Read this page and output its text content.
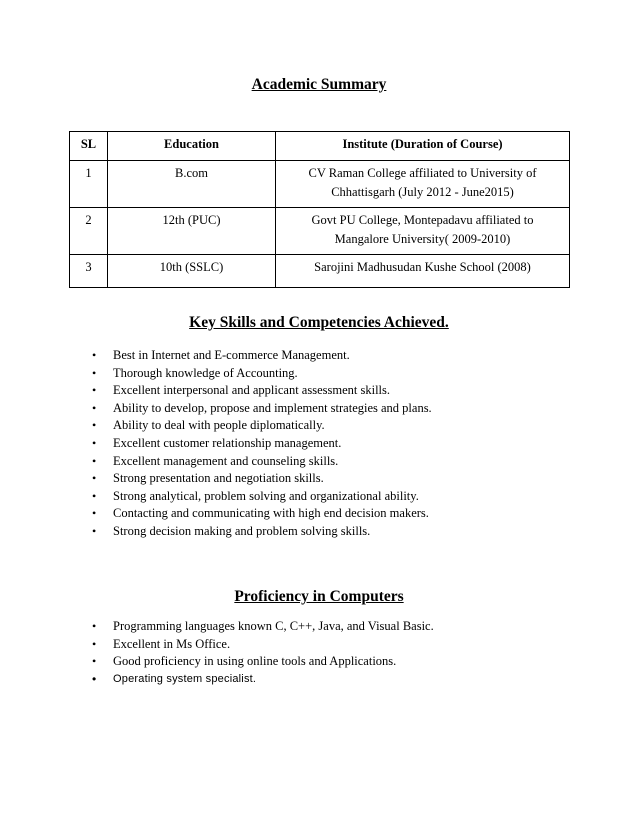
Academic Summary
SL	Education	Institute (Duration of Course)
1	B.com	CV Raman College affiliated to University of
Chhattisgarh (July 2012 - June2015)

2	12th (PUC)	Govt PU College, Montepadavu affiliated to
Mangalore University( 2009-2010)

3	10th (SSLC)	Sarojini Madhusudan Kushe School (2008)
Key Skills and Competencies Achieved.
• Best in Internet and E-commerce Management.
• Thorough knowledge of Accounting.
• Excellent interpersonal and applicant assessment skills.
• Ability to develop, propose and implement strategies and plans.
• Ability to deal with people diplomatically.
• Excellent customer relationship management.
• Excellent management and counseling skills.
• Strong presentation and negotiation skills.
• Strong analytical, problem solving and organizational ability.
• Contacting and communicating with high end decision makers.
• Strong decision making and problem solving skills.
Proficiency in Computers
• Programming languages known C, C++, Java, and Visual Basic.
• Excellent in Ms Office.
• Good proficiency in using online tools and Applications.
• Operating system specialist.
